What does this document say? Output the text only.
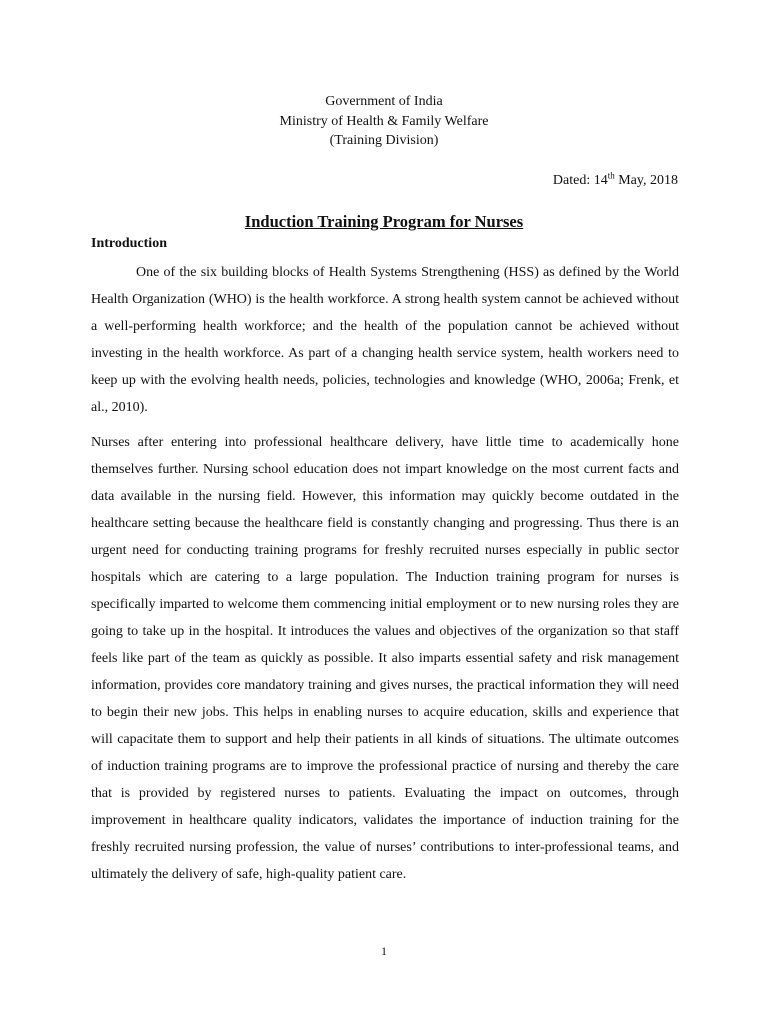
Government of India
Ministry of Health & Family Welfare
(Training Division)
Dated: 14th May, 2018
Induction Training Program for Nurses
Introduction

One of the six building blocks of Health Systems Strengthening (HSS) as defined by the World Health Organization (WHO) is the health workforce. A strong health system cannot be achieved without a well-performing health workforce; and the health of the population cannot be achieved without investing in the health workforce. As part of a changing health service system, health workers need to keep up with the evolving health needs, policies, technologies and knowledge (WHO, 2006a; Frenk, et al., 2010).

Nurses after entering into professional healthcare delivery, have little time to academically hone themselves further. Nursing school education does not impart knowledge on the most current facts and data available in the nursing field. However, this information may quickly become outdated in the healthcare setting because the healthcare field is constantly changing and progressing. Thus there is an urgent need for conducting training programs for freshly recruited nurses especially in public sector hospitals which are catering to a large population. The Induction training program for nurses is specifically imparted to welcome them commencing initial employment or to new nursing roles they are going to take up in the hospital. It introduces the values and objectives of the organization so that staff feels like part of the team as quickly as possible. It also imparts essential safety and risk management information, provides core mandatory training and gives nurses, the practical information they will need to begin their new jobs. This helps in enabling nurses to acquire education, skills and experience that will capacitate them to support and help their patients in all kinds of situations. The ultimate outcomes of induction training programs are to improve the professional practice of nursing and thereby the care that is provided by registered nurses to patients. Evaluating the impact on outcomes, through improvement in healthcare quality indicators, validates the importance of induction training for the freshly recruited nursing profession, the value of nurses’ contributions to inter-professional teams, and ultimately the delivery of safe, high-quality patient care.

1
